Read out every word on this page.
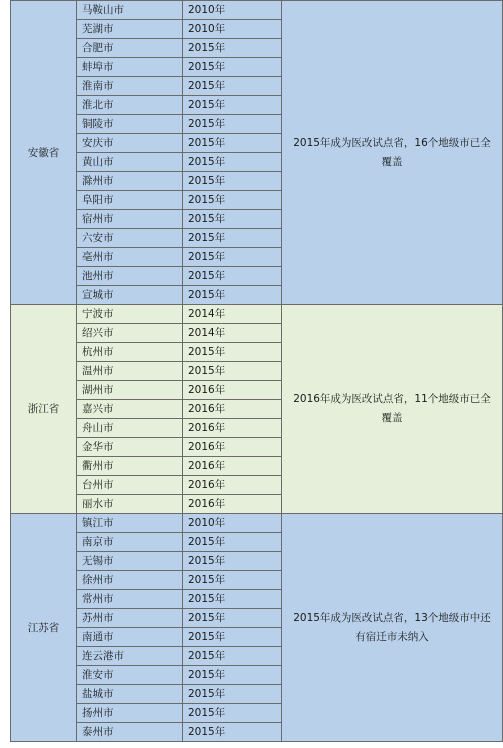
安徽省	马鞍山市	2010年	2015年成为医改试点省，16个地级市已全覆盖
	芜湖市	2010年	
	合肥市	2015年	
	蚌埠市	2015年	
	淮南市	2015年	
	淮北市	2015年	
	铜陵市	2015年	
	安庆市	2015年	
	黄山市	2015年	
	滁州市	2015年	
	阜阳市	2015年	
	宿州市	2015年	
	六安市	2015年	
	亳州市	2015年	
	池州市	2015年	
	宣城市	2015年	
浙江省	宁波市	2014年	2016年成为医改试点省，11个地级市已全覆盖
	绍兴市	2014年	
	杭州市	2015年	
	温州市	2015年	
	湖州市	2016年	
	嘉兴市	2016年	
	舟山市	2016年	
	金华市	2016年	
	衢州市	2016年	
	台州市	2016年	
	丽水市	2016年	
江苏省	镇江市	2010年	2015年成为医改试点省，13个地级市中还有宿迁市未纳入
	南京市	2015年	
	无锡市	2015年	
	徐州市	2015年	
	常州市	2015年	
	苏州市	2015年	
	南通市	2015年	
	连云港市	2015年	
	淮安市	2015年	
	盐城市	2015年	
	扬州市	2015年	
	泰州市	2015年	
